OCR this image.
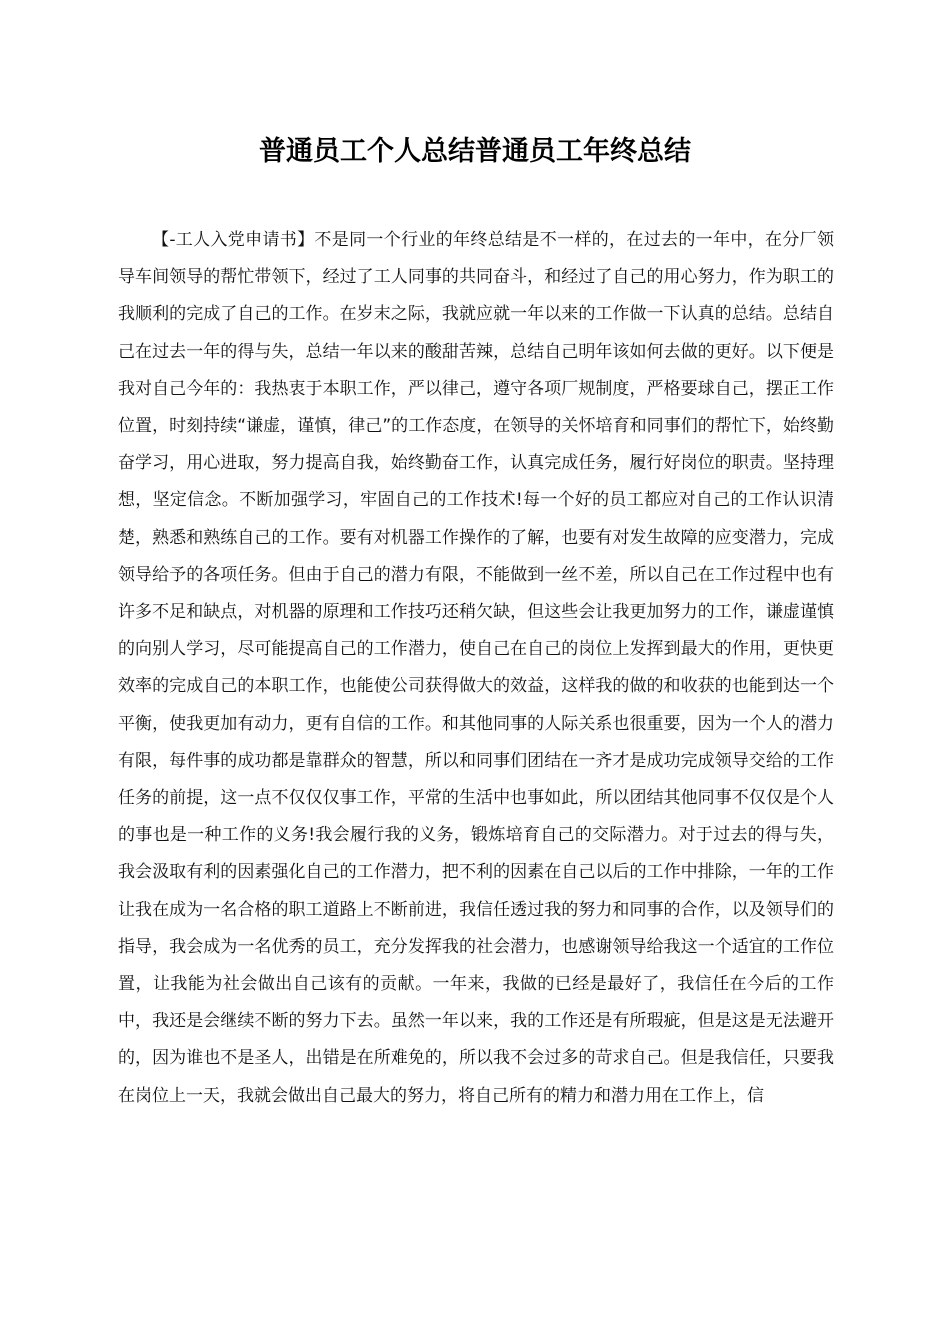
普通员工个人总结普通员工年终总结

【-工人入党申请书】不是同一个行业的年终总结是不一样的，在过去的一年中，在分厂领导车间领导的帮忙带领下，经过了工人同事的共同奋斗，和经过了自己的用心努力，作为职工的我顺利的完成了自己的工作。在岁末之际，我就应就一年以来的工作做一下认真的总结。总结自己在过去一年的得与失，总结一年以来的酸甜苦辣，总结自己明年该如何去做的更好。以下便是我对自己今年的：我热衷于本职工作，严以律己，遵守各项厂规制度，严格要球自己，摆正工作位置，时刻持续“谦虚，谨慎，律己”的工作态度，在领导的关怀培育和同事们的帮忙下，始终勤奋学习，用心进取，努力提高自我，始终勤奋工作，认真完成任务，履行好岗位的职责。坚持理想，坚定信念。不断加强学习，牢固自己的工作技术!每一个好的员工都应对自己的工作认识清楚，熟悉和熟练自己的工作。要有对机器工作操作的了解，也要有对发生故障的应变潜力，完成领导给予的各项任务。但由于自己的潜力有限，不能做到一丝不差，所以自己在工作过程中也有许多不足和缺点，对机器的原理和工作技巧还稍欠缺，但这些会让我更加努力的工作，谦虚谨慎的向别人学习，尽可能提高自己的工作潜力，使自己在自己的岗位上发挥到最大的作用，更快更效率的完成自己的本职工作，也能使公司获得做大的效益，这样我的做的和收获的也能到达一个平衡，使我更加有动力，更有自信的工作。和其他同事的人际关系也很重要，因为一个人的潜力有限，每件事的成功都是靠群众的智慧，所以和同事们团结在一齐才是成功完成领导交给的工作任务的前提，这一点不仅仅仅事工作，平常的生活中也事如此，所以团结其他同事不仅仅是个人的事也是一种工作的义务!我会履行我的义务，锻炼培育自己的交际潜力。对于过去的得与失，我会汲取有利的因素强化自己的工作潜力，把不利的因素在自己以后的工作中排除，一年的工作让我在成为一名合格的职工道路上不断前进，我信任透过我的努力和同事的合作，以及领导们的指导，我会成为一名优秀的员工，充分发挥我的社会潜力，也感谢领导给我这一个适宜的工作位置，让我能为社会做出自己该有的贡献。一年来，我做的已经是最好了，我信任在今后的工作中，我还是会继续不断的努力下去。虽然一年以来，我的工作还是有所瑕疵，但是这是无法避开的，因为谁也不是圣人，出错是在所难免的，所以我不会过多的苛求自己。但是我信任，只要我在岗位上一天，我就会做出自己最大的努力，将自己所有的精力和潜力用在工作上，信
